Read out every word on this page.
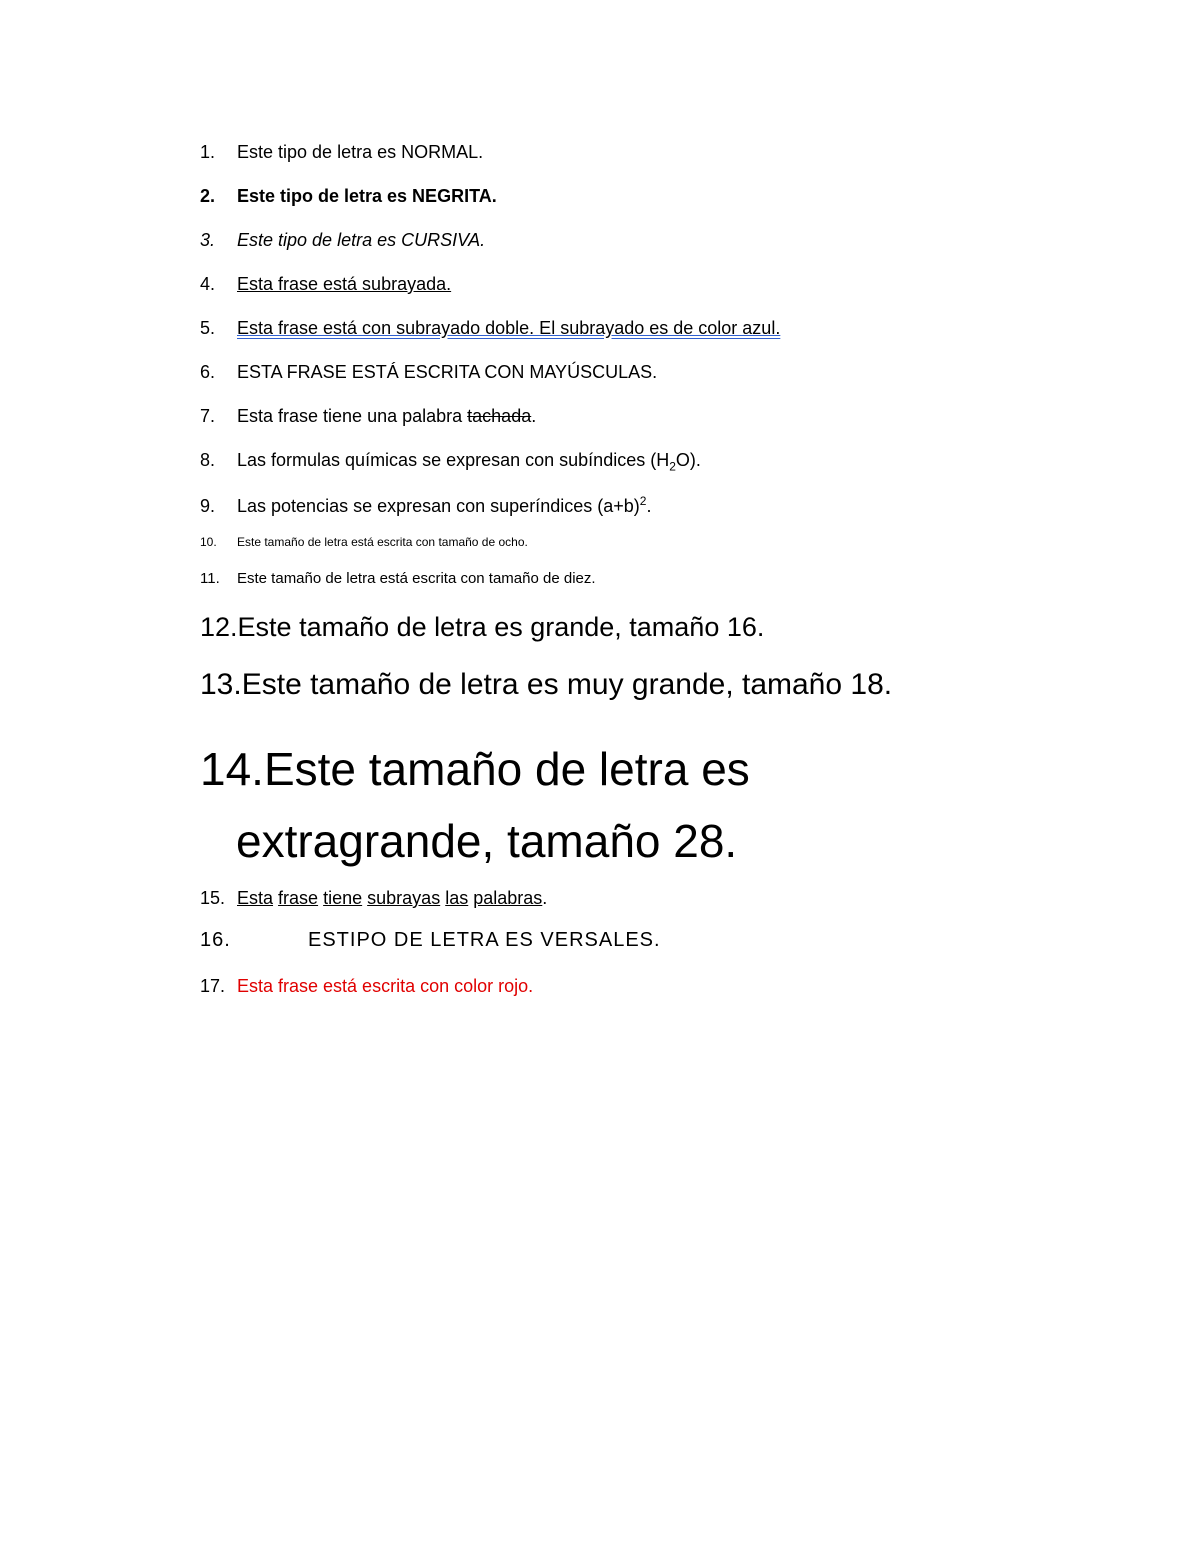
1. Este tipo de letra es NORMAL.
2. Este tipo de letra es NEGRITA.
3. Este tipo de letra es CURSIVA.
4. Esta frase está subrayada.
5. Esta frase está con subrayado doble. El subrayado es de color azul.
6. ESTA FRASE ESTÁ ESCRITA CON MAYÚSCULAS.
7. Esta frase tiene una palabra tachada.
8. Las formulas químicas se expresan con subíndices $(H_2O)$.
9. Las potencias se expresan con superíndices $(a+b)^2$.
10. Este tamaño de letra está escrita con tamaño de ocho.
11. Este tamaño de letra está escrita con tamaño de diez.
12.Este tamaño de letra es grande, tamaño 16.
13.Este tamaño de letra es muy grande, tamaño 18.
14.Este tamaño de letra es
extragrande, tamaño 28.
15. Esta frase tiene subrayas las palabras.
16.	ESTIPO DE LETRA ES VERSALES.
17. Esta frase está escrita con color rojo.
